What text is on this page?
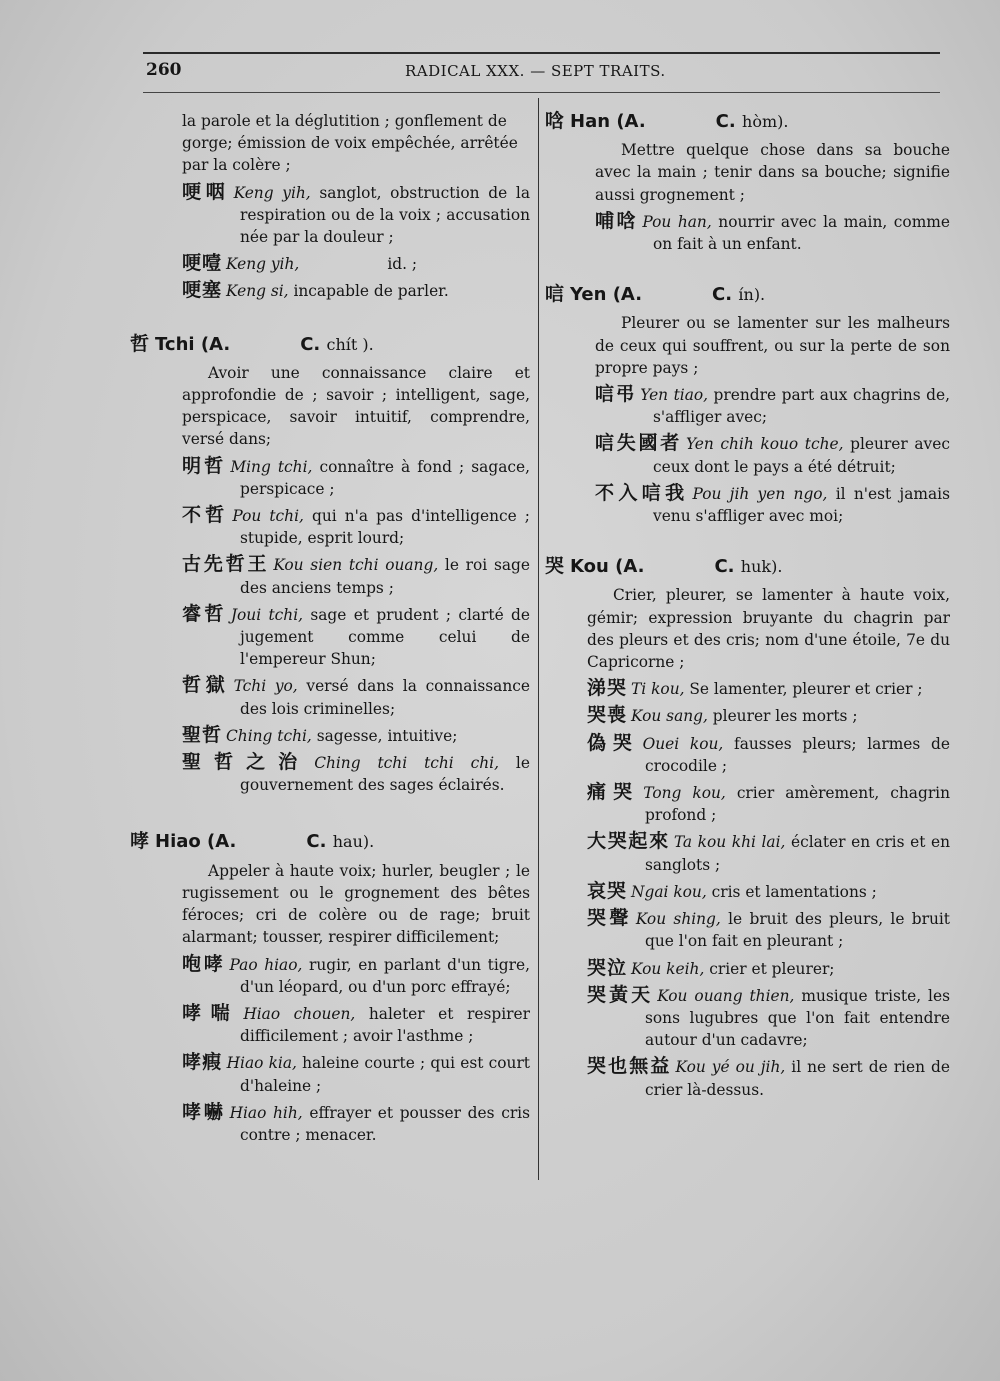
260	RADICAL XXX. — SEPT TRAITS.
la parole et la déglutition ; gonflement de
gorge; émission de voix empêchée, arrêtée
par la colère ;
哽咽 Keng yih, sanglot, obstruction de la respiration ou de la voix ; accusation née par la douleur ;
哽噎 Keng yih,                  id. ;
哽塞 Keng si, incapable de parler.
哲 Tchi (A.	C. chít ).
Avoir une connaissance claire et approfondie de ; savoir ; intelligent, sage, perspicace, savoir intuitif, comprendre, versé dans;
明哲 Ming tchi, connaître à fond ; sagace, perspicace ;
不哲 Pou tchi, qui n'a pas d'intelligence ; stupide, esprit lourd;
古先哲王 Kou sien tchi ouang, le roi sage des anciens temps ;
睿哲 Joui tchi, sage et prudent ; clarté de jugement comme celui de l'empereur Shun;
哲獄 Tchi yo, versé dans la connaissance des lois criminelles;
聖哲 Ching tchi, sagesse, intuitive;
聖哲之治 Ching tchi tchi chi, le gouvernement des sages éclairés.
哮 Hiao (A.	C. hau).
Appeler à haute voix; hurler, beugler ; le rugissement ou le grognement des bêtes féroces; cri de colère ou de rage; bruit alarmant; tousser, respirer difficilement;
咆哮 Pao hiao, rugir, en parlant d'un tigre, d'un léopard, ou d'un porc effrayé;
哮喘 Hiao chouen, haleter et respirer difficilement ; avoir l'asthme ;
哮瘕 Hiao kia, haleine courte ; qui est court d'haleine ;
哮嚇 Hiao hih, effrayer et pousser des cris contre ; menacer.
唅 Han (A.	C. hòm).
Mettre quelque chose dans sa bouche avec la main ; tenir dans sa bouche; signifie aussi grognement ;
哺唅 Pou han, nourrir avec la main, comme on fait à un enfant.
唁 Yen (A.	C. ín).
Pleurer ou se lamenter sur les malheurs de ceux qui souffrent, ou sur la perte de son propre pays ;
唁弔 Yen tiao, prendre part aux chagrins de, s'affliger avec;
唁失國者 Yen chih kouo tche, pleurer avec ceux dont le pays a été détruit;
不入唁我 Pou jih yen ngo, il n'est jamais venu s'affliger avec moi;
哭 Kou (A.	C. huk).
Crier, pleurer, se lamenter à haute voix, gémir; expression bruyante du chagrin par des pleurs et des cris; nom d'une étoile, 7e du Capricorne ;
涕哭 Ti kou, Se lamenter, pleurer et crier ;
哭喪 Kou sang, pleurer les morts ;
偽哭 Ouei kou, fausses pleurs; larmes de crocodile ;
痛哭 Tong kou, crier amèrement, chagrin profond ;
大哭起來 Ta kou khi lai, éclater en cris et en sanglots ;
哀哭 Ngai kou, cris et lamentations ;
哭聲 Kou shing, le bruit des pleurs, le bruit que l'on fait en pleurant ;
哭泣 Kou keih, crier et pleurer;
哭黃天 Kou ouang thien, musique triste, les sons lugubres que l'on fait entendre autour d'un cadavre;
哭也無益 Kou yé ou jih, il ne sert de rien de crier là-dessus.
